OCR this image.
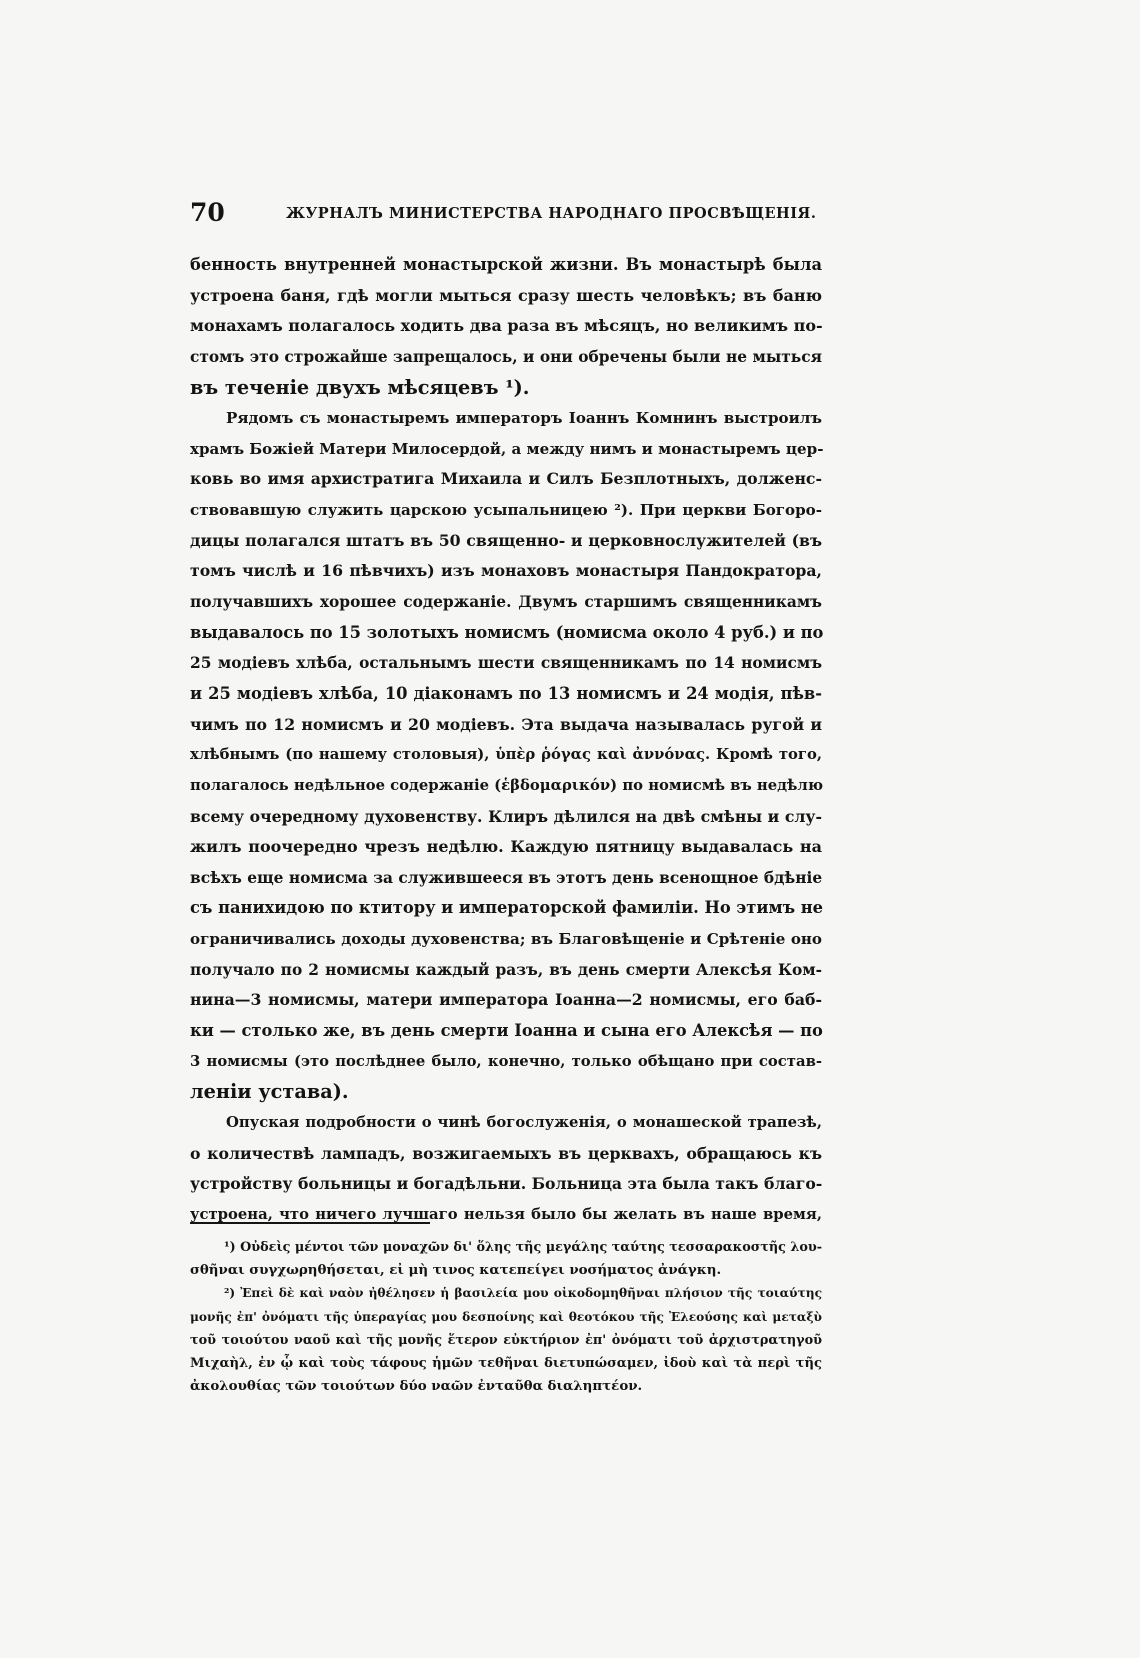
70	ЖУРНАЛЪ МИНИСТЕРСТВА НАРОДНАГО ПРОСВѢЩЕНІЯ.
бенность внутренней монастырской жизни. Въ монастырѣ была
устроена баня, гдѣ могли мыться сразу шесть человѣкъ; въ баню
монахамъ полагалось ходить два раза въ мѣсяцъ, но великимъ по-
стомъ это строжайше запрещалось, и они обречены были не мыться
въ теченіе двухъ мѣсяцевъ ¹).
Рядомъ съ монастыремъ императоръ Іоаннъ Комнинъ выстроилъ
храмъ Божіей Матери Милосердой, а между нимъ и монастыремъ цер-
ковь во имя архистратига Михаила и Силъ Безплотныхъ, долженс-
ствовавшую служить царскою усыпальницею ²). При церкви Богоро-
дицы полагался штатъ въ 50 священно- и церковнослужителей (въ
томъ числѣ и 16 пѣвчихъ) изъ монаховъ монастыря Пандократора,
получавшихъ хорошее содержаніе. Двумъ старшимъ священникамъ
выдавалось по 15 золотыхъ номисмъ (номисма около 4 руб.) и по
25 модіевъ хлѣба, остальнымъ шести священникамъ по 14 номисмъ
и 25 модіевъ хлѣба, 10 діаконамъ по 13 номисмъ и 24 модія, пѣв-
чимъ по 12 номисмъ и 20 модіевъ. Эта выдача называлась ругой и
хлѣбнымъ (по нашему столовыя), ὑπὲρ ῥόγας καὶ ἀννόνας. Кромѣ того,
полагалось недѣльное содержаніе (ἑβδομαρικόν) по номисмѣ въ недѣлю
всему очередному духовенству. Клиръ дѣлился на двѣ смѣны и слу-
жилъ поочередно чрезъ недѣлю. Каждую пятницу выдавалась на
всѣхъ еще номисма за служившееся въ этотъ день всенощное бдѣніе
съ панихидою по ктитору и императорской фамиліи. Но этимъ не
ограничивались доходы духовенства; въ Благовѣщеніе и Срѣтеніе оно
получало по 2 номисмы каждый разъ, въ день смерти Алексѣя Ком-
нина—3 номисмы, матери императора Іоанна—2 номисмы, его баб-
ки — столько же, въ день смерти Іоанна и сына его Алексѣя — по
3 номисмы (это послѣднее было, конечно, только обѣщано при состав-
леніи устава).
Опуская подробности о чинѣ богослуженія, о монашеской трапезѣ,
о количествѣ лампадъ, возжигаемыхъ въ церквахъ, обращаюсь къ
устройству больницы и богадѣльни. Больница эта была такъ благо-
устроена, что ничего лучшаго нельзя было бы желать въ наше время,
¹) Οὐδεὶς μέντοι τῶν μοναχῶν δι' ὅλης τῆς μεγάλης ταύτης τεσσαρακοστῆς λου-
σθῆναι συγχωρηθήσεται, εἰ μὴ τινος κατεπείγει νοσήματος ἀνάγκη.
²) Ἐπεὶ δὲ καὶ ναὸν ἠθέλησεν ἡ βασιλεία μου οἰκοδομηθῆναι πλήσιον τῆς τοιαύτης
μονῆς ἐπ' ὀνόματι τῆς ὑπεραγίας μου δεσποίνης καὶ θεοτόκου τῆς Ἐλεούσης καὶ μεταξὺ
τοῦ τοιούτου ναοῦ καὶ τῆς μονῆς ἕτερον εὐκτήριον ἐπ' ὀνόματι τοῦ ἀρχιστρατηγοῦ
Μιχαὴλ, ἐν ᾧ καὶ τοὺς τάφους ἡμῶν τεθῆναι διετυπώσαμεν, ἰδοὺ καὶ τὰ περὶ τῆς
ἀκολουθίας τῶν τοιούτων δύο ναῶν ἐνταῦθα διαληπτέον.
